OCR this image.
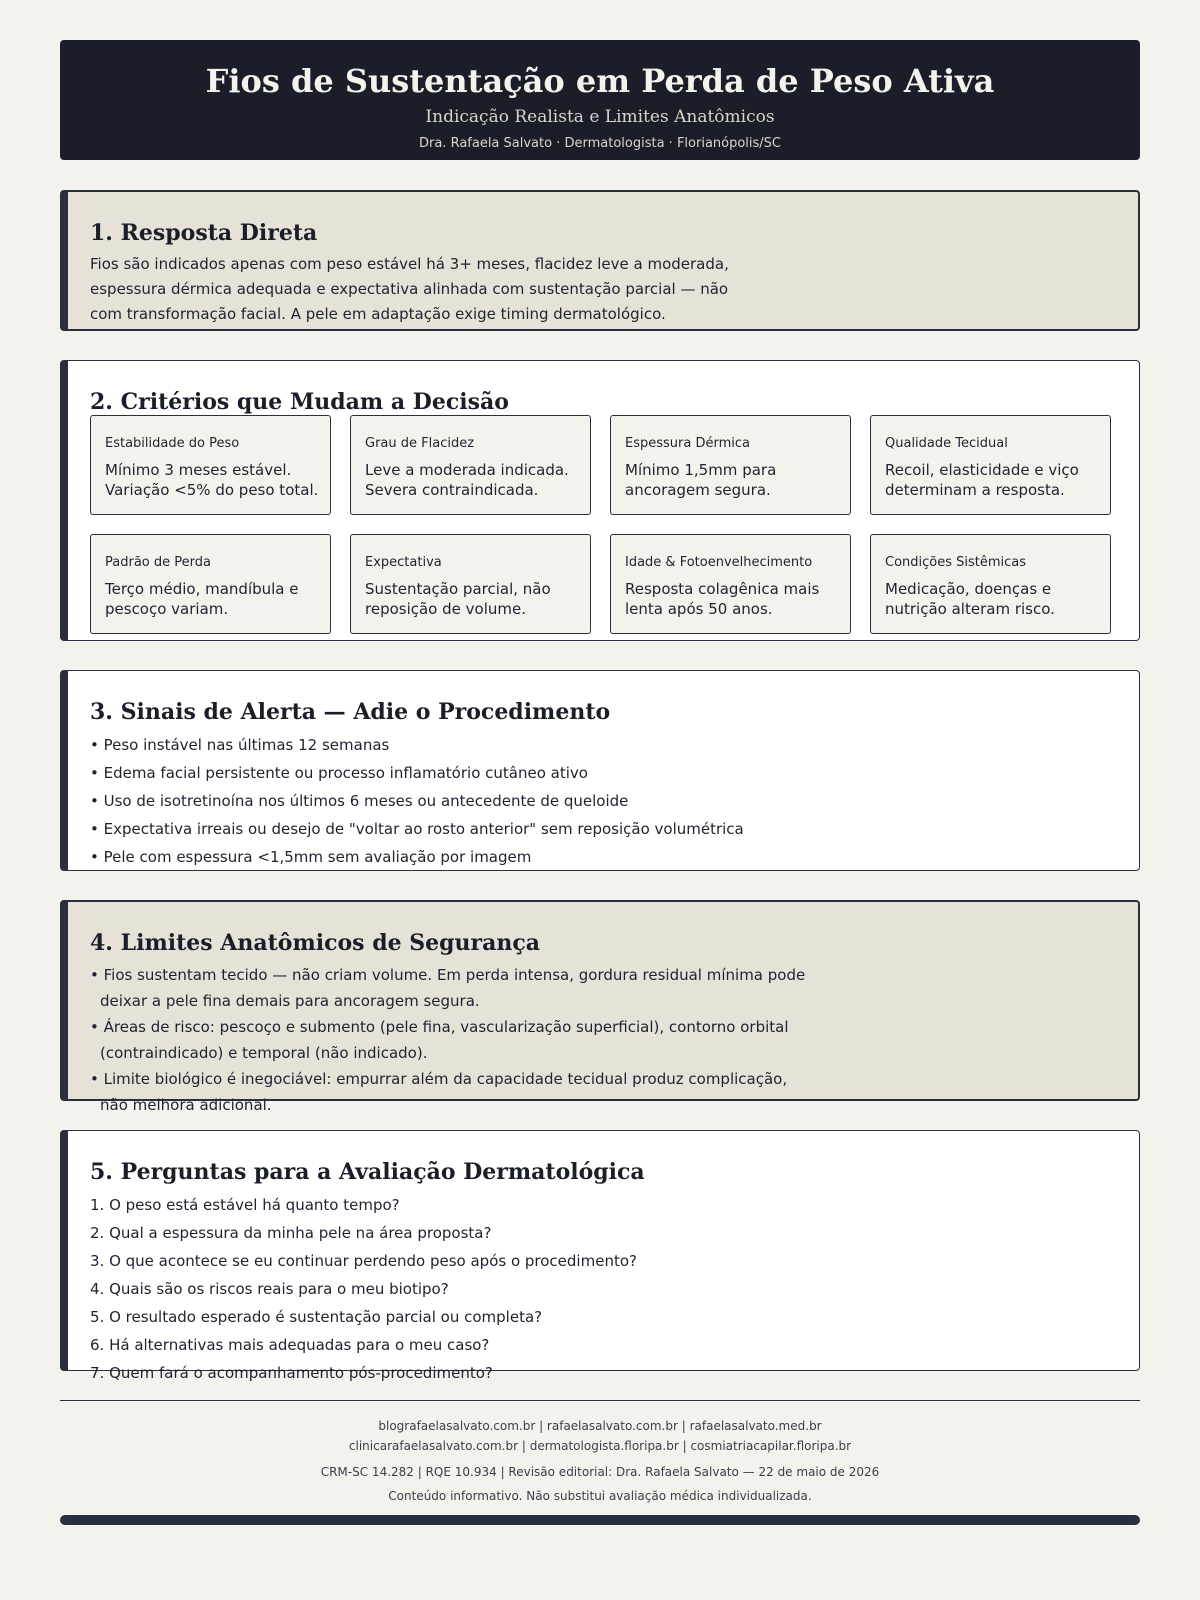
Fios de Sustentação em Perda de Peso Ativa
Indicação Realista e Limites Anatômicos
Dra. Rafaela Salvato · Dermatologista · Florianópolis/SC
1. Resposta Direta
Fios são indicados apenas com peso estável há 3+ meses, flacidez leve a moderada, espessura dérmica adequada e expectativa alinhada com sustentação parcial — não com transformação facial. A pele em adaptação exige timing dermatológico.
2. Critérios que Mudam a Decisão
Estabilidade do Peso
Mínimo 3 meses estável. Variação <5% do peso total.
Grau de Flacidez
Leve a moderada indicada. Severa contraindicada.
Espessura Dérmica
Mínimo 1,5mm para ancoragem segura.
Qualidade Tecidual
Recoil, elasticidade e viço determinam a resposta.
Padrão de Perda
Terço médio, mandíbula e pescoço variam.
Expectativa
Sustentação parcial, não reposição de volume.
Idade & Fotoenvelhecimento
Resposta colagênica mais lenta após 50 anos.
Condições Sistêmicas
Medicação, doenças e nutrição alteram risco.
3. Sinais de Alerta — Adie o Procedimento
• Peso instável nas últimas 12 semanas
• Edema facial persistente ou processo inflamatório cutâneo ativo
• Uso de isotretinoína nos últimos 6 meses ou antecedente de queloide
• Expectativa irreais ou desejo de "voltar ao rosto anterior" sem reposição volumétrica
• Pele com espessura <1,5mm sem avaliação por imagem
4. Limites Anatômicos de Segurança
• Fios sustentam tecido — não criam volume. Em perda intensa, gordura residual mínima pode deixar a pele fina demais para ancoragem segura.
• Áreas de risco: pescoço e submento (pele fina, vascularização superficial), contorno orbital (contraindicado) e temporal (não indicado).
• Limite biológico é inegociável: empurrar além da capacidade tecidual produz complicação, não melhora adicional.
5. Perguntas para a Avaliação Dermatológica
1. O peso está estável há quanto tempo?
2. Qual a espessura da minha pele na área proposta?
3. O que acontece se eu continuar perdendo peso após o procedimento?
4. Quais são os riscos reais para o meu biotipo?
5. O resultado esperado é sustentação parcial ou completa?
6. Há alternativas mais adequadas para o meu caso?
7. Quem fará o acompanhamento pós-procedimento?
blografaelasalvato.com.br | rafaelasalvato.com.br | rafaelasalvato.med.br
clinicarafaelasalvato.com.br | dermatologista.floripa.br | cosmiatriacapilar.floripa.br
CRM-SC 14.282 | RQE 10.934 | Revisão editorial: Dra. Rafaela Salvato — 22 de maio de 2026
Conteúdo informativo. Não substitui avaliação médica individualizada.
